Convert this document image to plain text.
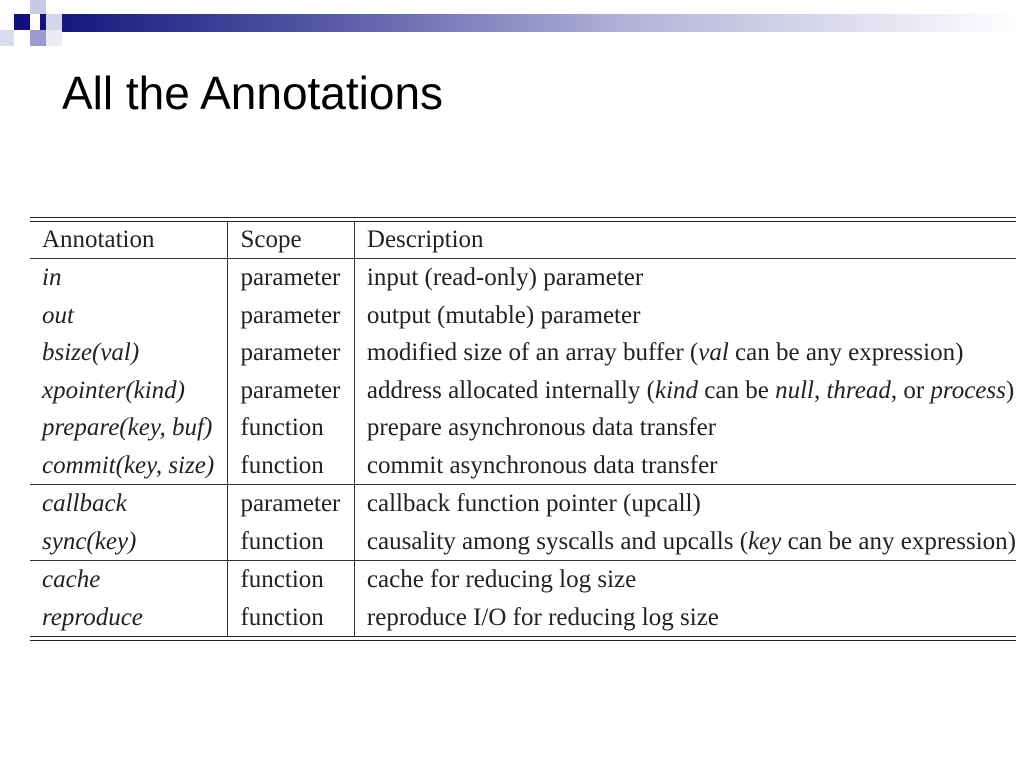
All the Annotations
Annotation	Scope	Description
in	parameter	input (read-only) parameter
out	parameter	output (mutable) parameter
bsize(val)	parameter	modified size of an array buffer (val can be any expression)
xpointer(kind)	parameter	address allocated internally (kind can be null, thread, or process)
prepare(key, buf)	function	prepare asynchronous data transfer
commit(key, size)	function	commit asynchronous data transfer
callback	parameter	callback function pointer (upcall)
sync(key)	function	causality among syscalls and upcalls (key can be any expression)
cache	function	cache for reducing log size
reproduce	function	reproduce I/O for reducing log size
